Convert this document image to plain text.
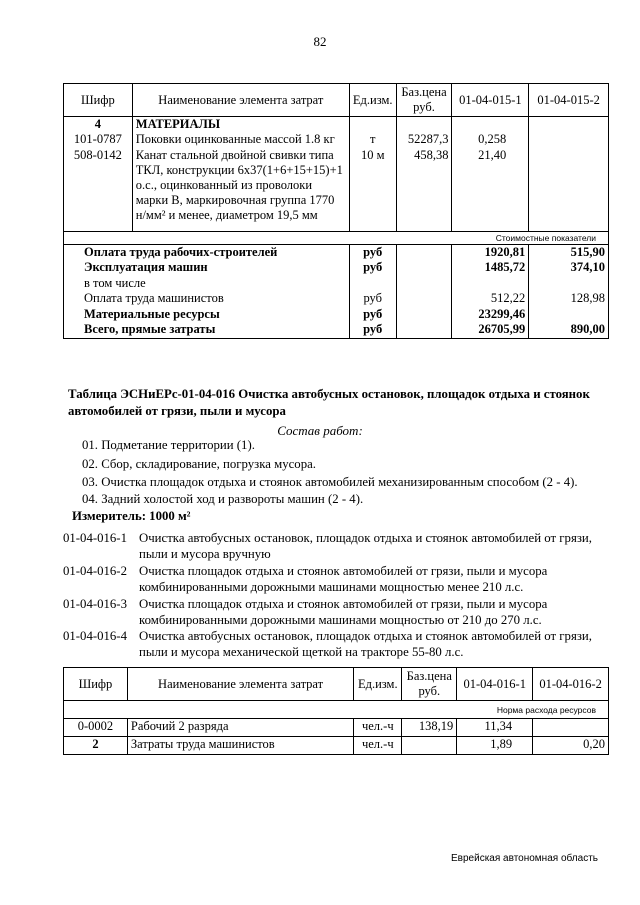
82
Шифр	Наименование элемента затрат	Ед.изм.	Баз.цена руб.	01-04-015-1	01-04-015-2
4	МАТЕРИАЛЫ				
101-0787	Поковки оцинкованные массой 1.8 кг	т	52287,3	0,258	
508-0142	Канат стальной двойной свивки типа ТКЛ, конструкции 6х37(1+6+15+15)+1 о.с., оцинкованный из проволоки марки В, маркировочная группа 1770 н/мм² и менее, диаметром 19,5 мм	10 м	458,38	21,40	
Стоимостные показатели					
Оплата труда рабочих-строителей		руб		1920,81	515,90
Эксплуатация машин		руб		1485,72	374,10
в том числе					
Оплата труда машинистов		руб		512,22	128,98
Материальные ресурсы		руб		23299,46	
Всего, прямые затраты		руб		26705,99	890,00
Таблица ЭСНиЕРс-01-04-016 Очистка автобусных остановок, площадок отдыха и стоянок автомобилей от грязи, пыли и мусора
Состав работ:
01. Подметание территории (1).
02. Сбор, складирование, погрузка мусора.
03. Очистка площадок отдыха и стоянок автомобилей механизированным способом (2 - 4).
04. Задний холостой ход и развороты машин (2 - 4).
Измеритель: 1000 м²
01-04-016-1 Очистка автобусных остановок, площадок отдыха и стоянок автомобилей от грязи, пыли и мусора вручную
01-04-016-2 Очистка площадок отдыха и стоянок автомобилей от грязи, пыли и мусора комбинированными дорожными машинами мощностью менее 210 л.с.
01-04-016-3 Очистка площадок отдыха и стоянок автомобилей от грязи, пыли и мусора комбинированными дорожными машинами мощностью от 210 до 270 л.с.
01-04-016-4 Очистка автобусных остановок, площадок отдыха и стоянок автомобилей от грязи, пыли и мусора механической щеткой на тракторе 55-80 л.с.
Шифр	Наименование элемента затрат	Ед.изм.	Баз.цена руб.	01-04-016-1	01-04-016-2
Норма расхода ресурсов					
0-0002	Рабочий 2 разряда	чел.-ч	138,19	11,34	
2	Затраты труда машинистов	чел.-ч		1,89	0,20
Еврейская автономная область
